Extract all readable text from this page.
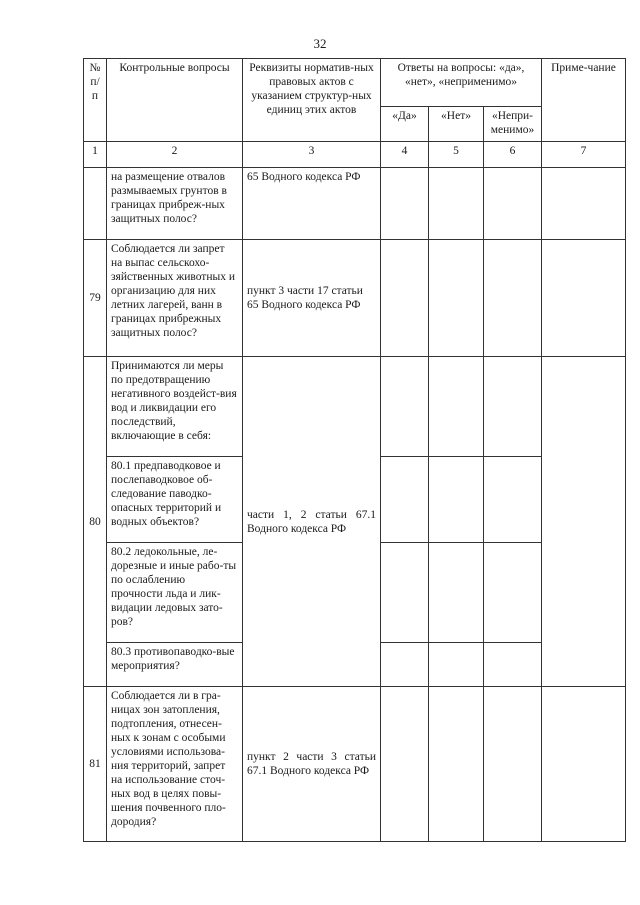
32
№ п/п	Контрольные вопросы	Реквизиты норматив-ных правовых актов с указанием структур-ных единиц этих актов	Ответы на вопросы: «да», «нет», «неприменимо»			Приме-чание
			«Да»	«Нет»	«Непри-менимо»	
1	2	3	4	5	6	7
	на размещение отвалов размываемых грунтов в границах прибреж-ных защитных полос?	65 Водного кодекса РФ				
79	Соблюдается ли запрет на выпас сельскохо-зяйственных животных и организацию для них летних лагерей, ванн в границах прибрежных защитных полос?	пункт 3 части 17 статьи 65 Водного кодекса РФ				
80	Принимаются ли меры по предотвращению негативного воздейст-вия вод и ликвидации его последствий, включающие в себя:	части 1, 2 статьи 67.1 Водного кодекса РФ				
	80.1 предпаводковое и послепаводковое об-следование паводко-опасных территорий и водных объектов?					
	80.2 ледокольные, ле-дорезные и иные рабо-ты по ослаблению прочности льда и лик-видации ледовых зато-ров?					
	80.3 противопаводко-вые мероприятия?					
81	Соблюдается ли в гра-ницах зон затопления, подтопления, отнесен-ных к зонам с особыми условиями использова-ния территорий, запрет на использование сточ-ных вод в целях повы-шения почвенного пло-дородия?	пункт 2 части 3 статьи 67.1 Водного кодекса РФ				
